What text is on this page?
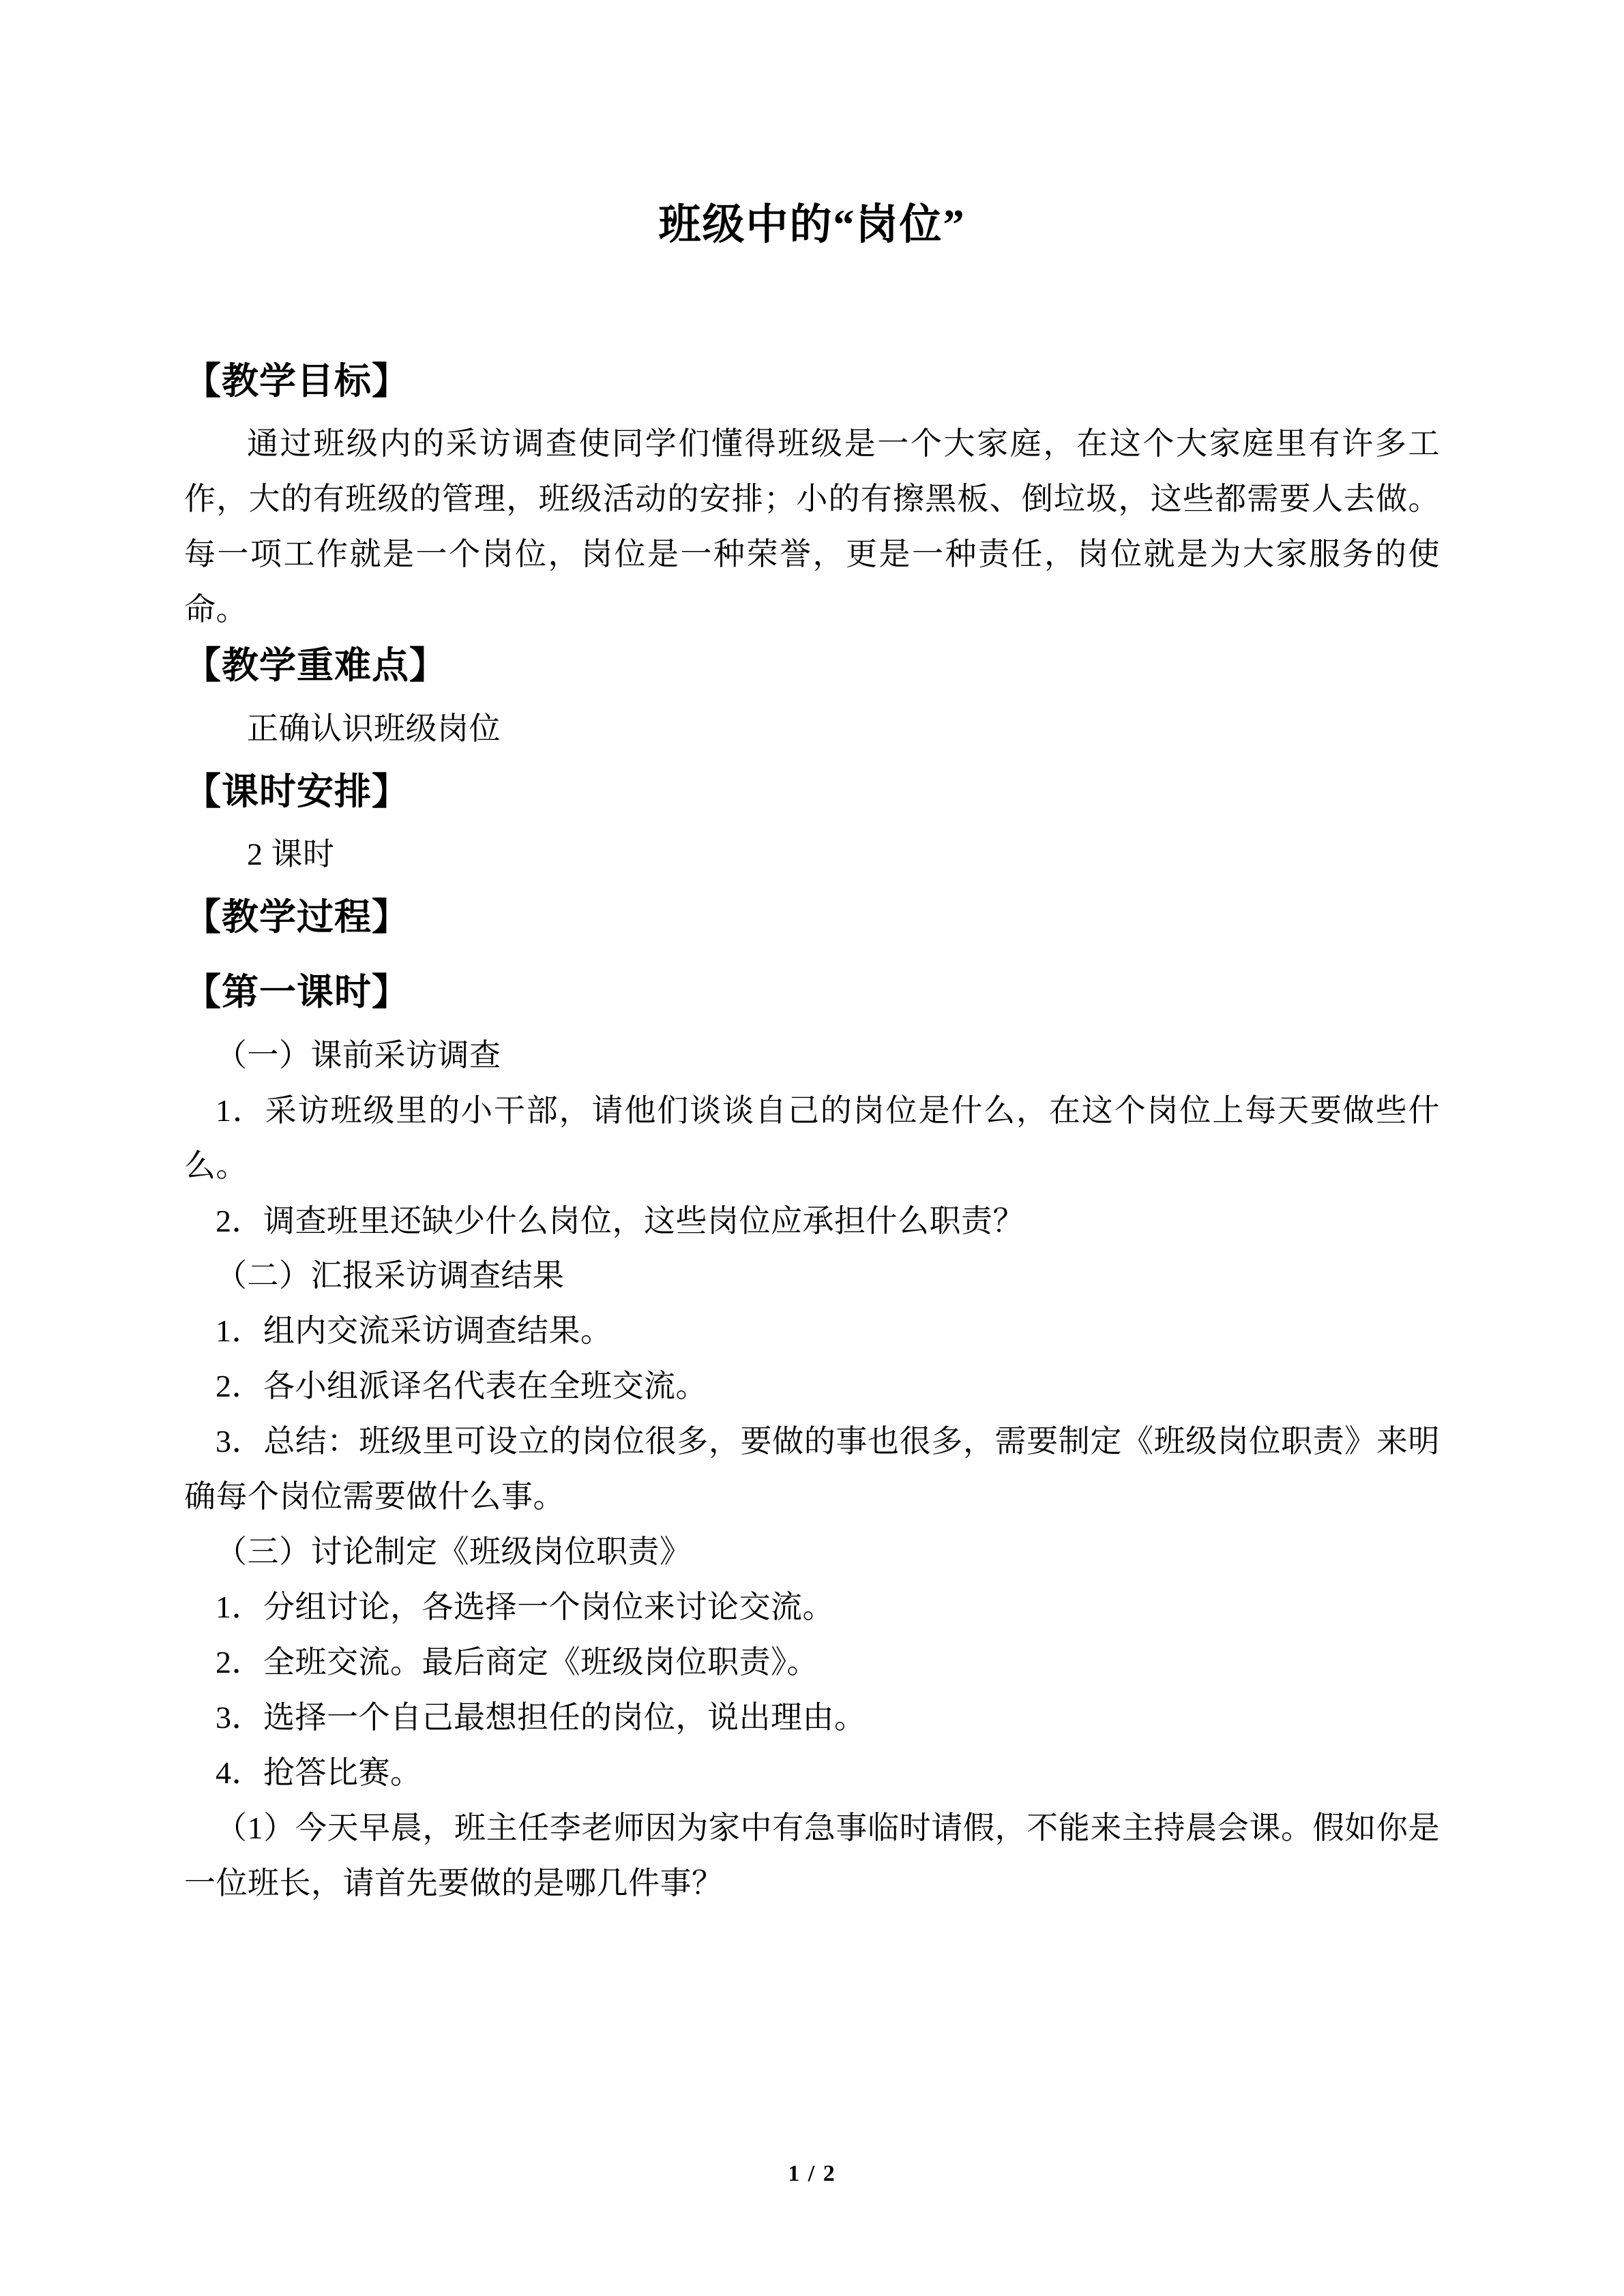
班级中的“岗位”
【教学目标】

通过班级内的采访调查使同学们懂得班级是一个大家庭，在这个大家庭里有许多工作，大的有班级的管理，班级活动的安排；小的有擦黑板、倒垃圾，这些都需要人去做。每一项工作就是一个岗位，岗位是一种荣誉，更是一种责任，岗位就是为大家服务的使命。

【教学重难点】

正确认识班级岗位

【课时安排】

2 课时

【教学过程】
【第一课时】

（一）课前采访调查

1．采访班级里的小干部，请他们谈谈自己的岗位是什么，在这个岗位上每天要做些什么。

2．调查班里还缺少什么岗位，这些岗位应承担什么职责？

（二）汇报采访调查结果

1．组内交流采访调查结果。

2．各小组派译名代表在全班交流。

3．总结：班级里可设立的岗位很多，要做的事也很多，需要制定《班级岗位职责》来明确每个岗位需要做什么事。

（三）讨论制定《班级岗位职责》

1．分组讨论，各选择一个岗位来讨论交流。

2．全班交流。最后商定《班级岗位职责》。

3．选择一个自己最想担任的岗位，说出理由。

4．抢答比赛。

（1）今天早晨，班主任李老师因为家中有急事临时请假，不能来主持晨会课。假如你是一位班长，请首先要做的是哪几件事？

1 / 2
